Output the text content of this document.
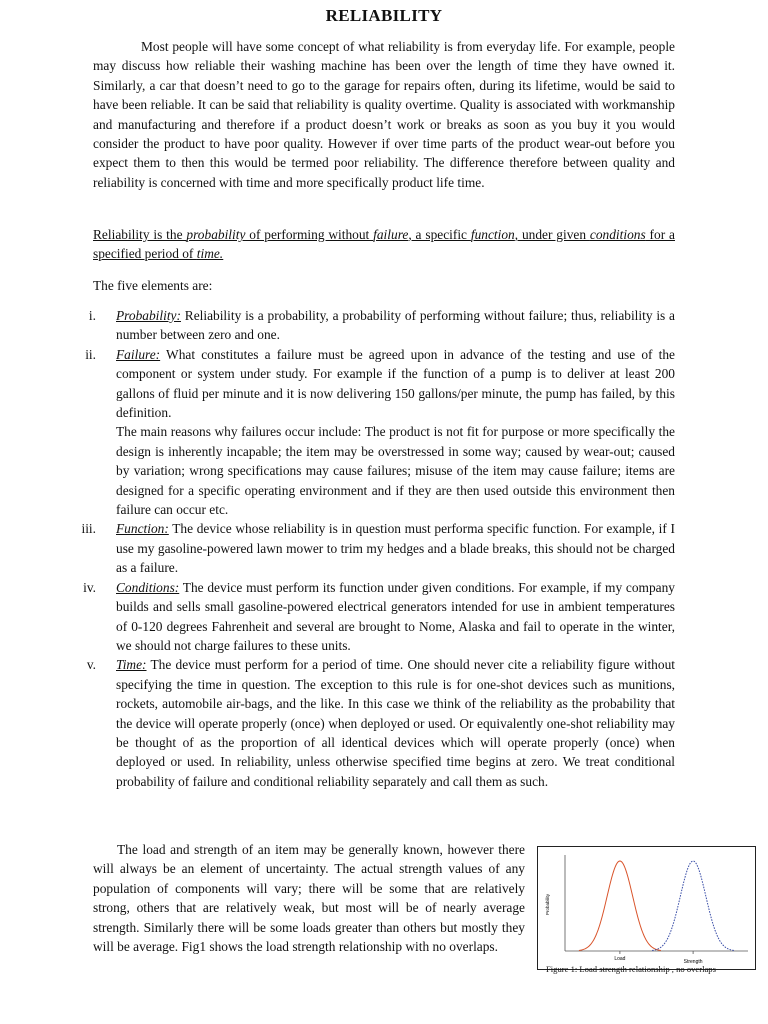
RELIABILITY

Most people will have some concept of what reliability is from everyday life. For example, people may discuss how reliable their washing machine has been over the length of time they have owned it. Similarly, a car that doesn’t need to go to the garage for repairs often, during its lifetime, would be said to have been reliable. It can be said that reliability is quality overtime. Quality is associated with workmanship and manufacturing and therefore if a product doesn’t work or breaks as soon as you buy it you would consider the product to have poor quality. However if over time parts of the product wear-out before you expect them to then this would be termed poor reliability. The difference therefore between quality and reliability is concerned with time and more specifically product life time.

Reliability is the probability of performing without failure, a specific function, under given conditions for a specified period of time.

The five elements are:

i. Probability: Reliability is a probability, a probability of performing without failure; thus, reliability is a number between zero and one.

ii. Failure: What constitutes a failure must be agreed upon in advance of the testing and use of the component or system under study. For example if the function of a pump is to deliver at least 200 gallons of fluid per minute and it is now delivering 150 gallons/per minute, the pump has failed, by this definition.

The main reasons why failures occur include: The product is not fit for purpose or more specifically the design is inherently incapable; the item may be overstressed in some way; caused by wear-out; caused by variation; wrong specifications may cause failures; misuse of the item may cause failure; items are designed for a specific operating environment and if they are then used outside this environment then failure can occur etc.

iii. Function: The device whose reliability is in question must performa specific function. For example, if I use my gasoline-powered lawn mower to trim my hedges and a blade breaks, this should not be charged as a failure.

iv. Conditions: The device must perform its function under given conditions. For example, if my company builds and sells small gasoline-powered electrical generators intended for use in ambient temperatures of 0-120 degrees Fahrenheit and several are brought to Nome, Alaska and fail to operate in the winter, we should not charge failures to these units.

v. Time: The device must perform for a period of time. One should never cite a reliability figure without specifying the time in question. The exception to this rule is for one-shot devices such as munitions, rockets, automobile air-bags, and the like. In this case we think of the reliability as the probability that the device will operate properly (once) when deployed or used. Or equivalently one-shot reliability may be thought of as the proportion of all identical devices which will operate properly (once) when deployed or used. In reliability, unless otherwise specified time begins at zero. We treat conditional probability of failure and conditional reliability separately and call them as such.

The load and strength of an item may be generally known, however there will always be an element of uncertainty. The actual strength values of any population of components will vary; there will be some that are relatively strong, others that are relatively weak, but most will be of nearly average strength. Similarly there will be some loads greater than others but mostly they will be average. Fig1 shows the load strength relationship with no overlaps.

Probability
Load	Strength
Figure 1: Load strength relationship , no overlaps
